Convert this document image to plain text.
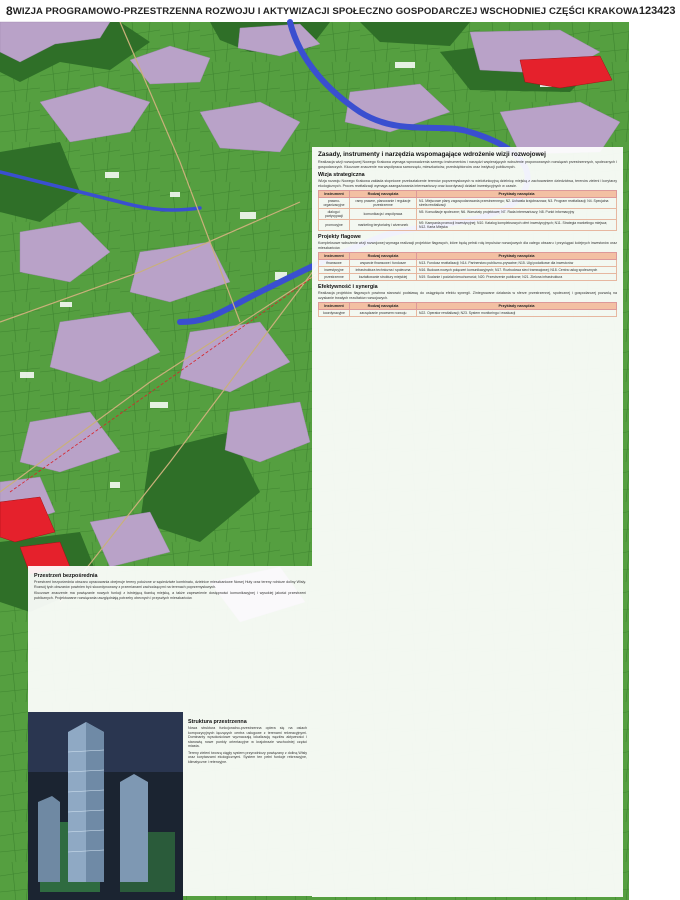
8 WIZJA PROGRAMOWO-PRZESTRZENNA ROZWOJU I AKTYWIZACJI SPOŁECZNO GOSPODARCZEJ WSCHODNIEJ CZĘŚCI KRAKOWA 123423
Zasady, instrumenty i narzędzia wspomagające wdrożenie wizji rozwojowej
Realizacja wizji rozwojowej Nowego Krakowa wymaga wprowadzenia szeregu instrumentów i narzędzi wspierających wdrożenie proponowanych rozwiązań przestrzennych, społecznych i gospodarczych. Kluczowe znaczenie ma współpraca samorządu, mieszkańców, przedsiębiorców oraz instytucji publicznych.
Wizja strategiczna
Wizja rozwoju Nowego Krakowa zakłada stopniowe przekształcenie terenów poprzemysłowych w wielofunkcyjną dzielnicę miejską z zachowaniem dziedzictwa, terenów zieleni i korytarzy ekologicznych. Proces rewitalizacji wymaga zaangażowania interesariuszy oraz koordynacji działań inwestycyjnych w czasie.
Instrument	Rodzaj narzędzia	Przykłady narzędzia
prawno-organizacyjne	ramy prawne, planowanie i regulacje przestrzenne	N1. Miejscowe plany zagospodarowania przestrzennego; N2. Uchwała krajobrazowa; N3. Program rewitalizacji; N4. Specjalna strefa rewitalizacji
dialogu i partycypacji	komunikacja i współpraca	N5. Konsultacje społeczne; N6. Warsztaty projektowe; N7. Rada interesariuszy; N8. Punkt informacyjny
promocyjne	marketing terytorialny i wizerunek	N9. Kampania promocji inwestycyjnej; N10. Katalog kompleksowych ofert inwestycyjnych; N11. Strategia marketingu miejsca; N12. Karta Miejska
Projekty flagowe
Kompleksowe wdrożenie wizji rozwojowej wymaga realizacji projektów flagowych, które będą pełnić rolę impulsów rozwojowych dla całego obszaru i przyciągać kolejnych inwestorów oraz mieszkańców.
Instrument	Rodzaj narzędzia	Przykłady narzędzia
finansowe	wsparcie finansowe i fundusze	N13. Fundusz rewitalizacji; N14. Partnerstwo publiczno-prywatne; N15. Ulgi podatkowe dla inwestorów
inwestycyjne	infrastruktura techniczna i społeczna	N16. Budowa nowych połączeń komunikacyjnych; N17. Rozbudowa sieci tramwajowej; N18. Centra usług społecznych
przestrzenne	kształtowanie struktury miejskiej	N19. Scalanie i podział nieruchomości; N20. Przestrzenie publiczne; N21. Zielona infrastruktura
Efektywność i synergia
Realizacja projektów flagowych powinna stanowić podstawę do osiągnięcia efektu synergii. Zintegrowane działania w sferze przestrzennej, społecznej i gospodarczej pozwolą na uzyskanie trwałych rezultatów rozwojowych.
Instrument	Rodzaj narzędzia	Przykłady narzędzia
koordynacyjne	zarządzanie procesem rozwoju	N22. Operator rewitalizacji; N23. System monitoringu i ewaluacji
Przestrzeń bezpośrednia
Przestrzeń bezpośrednia obszaru opracowania obejmuje tereny położone w sąsiedztwie kombinatu, dzielnice mieszkaniowe Nowej Huty oraz tereny rolnicze doliny Wisły. Rozwój tych obszarów powinien być skoordynowany z przemianami zachodzącymi na terenach poprzemysłowych.
Kluczowe znaczenie ma powiązanie nowych funkcji z istniejącą tkanką miejską, a także zapewnienie dostępności komunikacyjnej i wysokiej jakości przestrzeni publicznych. Projektowane rozwiązania uwzględniają potrzeby obecnych i przyszłych mieszkańców.
Struktura przestrzenna
Nowa struktura funkcjonalno-przestrzenna opiera się na osiach kompozycyjnych łączących centra usługowe z terenami rekreacyjnymi. Dominanty wysokościowe wyznaczają lokalizację węzłów aktywności i stanowią nowe punkty orientacyjne w krajobrazie wschodniej części miasta.
Tereny zieleni tworzą ciągły system przyrodniczy powiązany z doliną Wisły oraz korytarzami ekologicznymi. System ten pełni funkcje rekreacyjne, klimatyczne i retencyjne.
